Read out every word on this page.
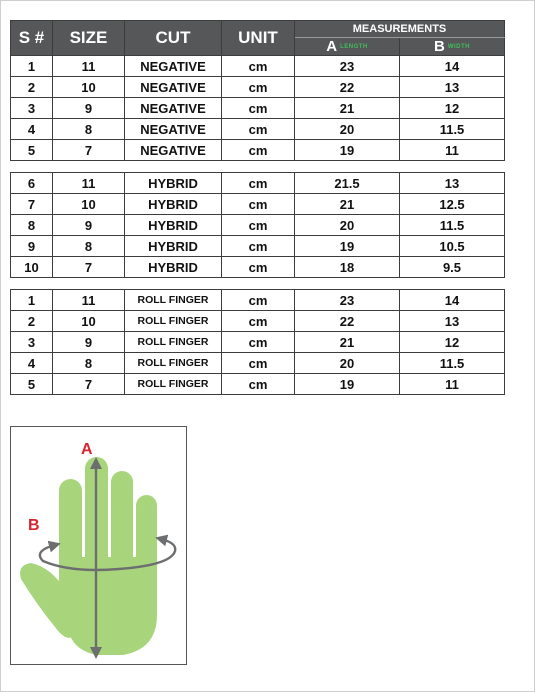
S #	SIZE	CUT	UNIT	MEASUREMENTS	
				A LENGTH	B WIDTH
1	11	NEGATIVE	cm	23	14
2	10	NEGATIVE	cm	22	13
3	9	NEGATIVE	cm	21	12
4	8	NEGATIVE	cm	20	11.5
5	7	NEGATIVE	cm	19	11
6	11	HYBRID	cm	21.5	13
7	10	HYBRID	cm	21	12.5
8	9	HYBRID	cm	20	11.5
9	8	HYBRID	cm	19	10.5
10	7	HYBRID	cm	18	9.5
1	11	ROLL FINGER	cm	23	14
2	10	ROLL FINGER	cm	22	13
3	9	ROLL FINGER	cm	21	12
4	8	ROLL FINGER	cm	20	11.5
5	7	ROLL FINGER	cm	19	11
A
B
